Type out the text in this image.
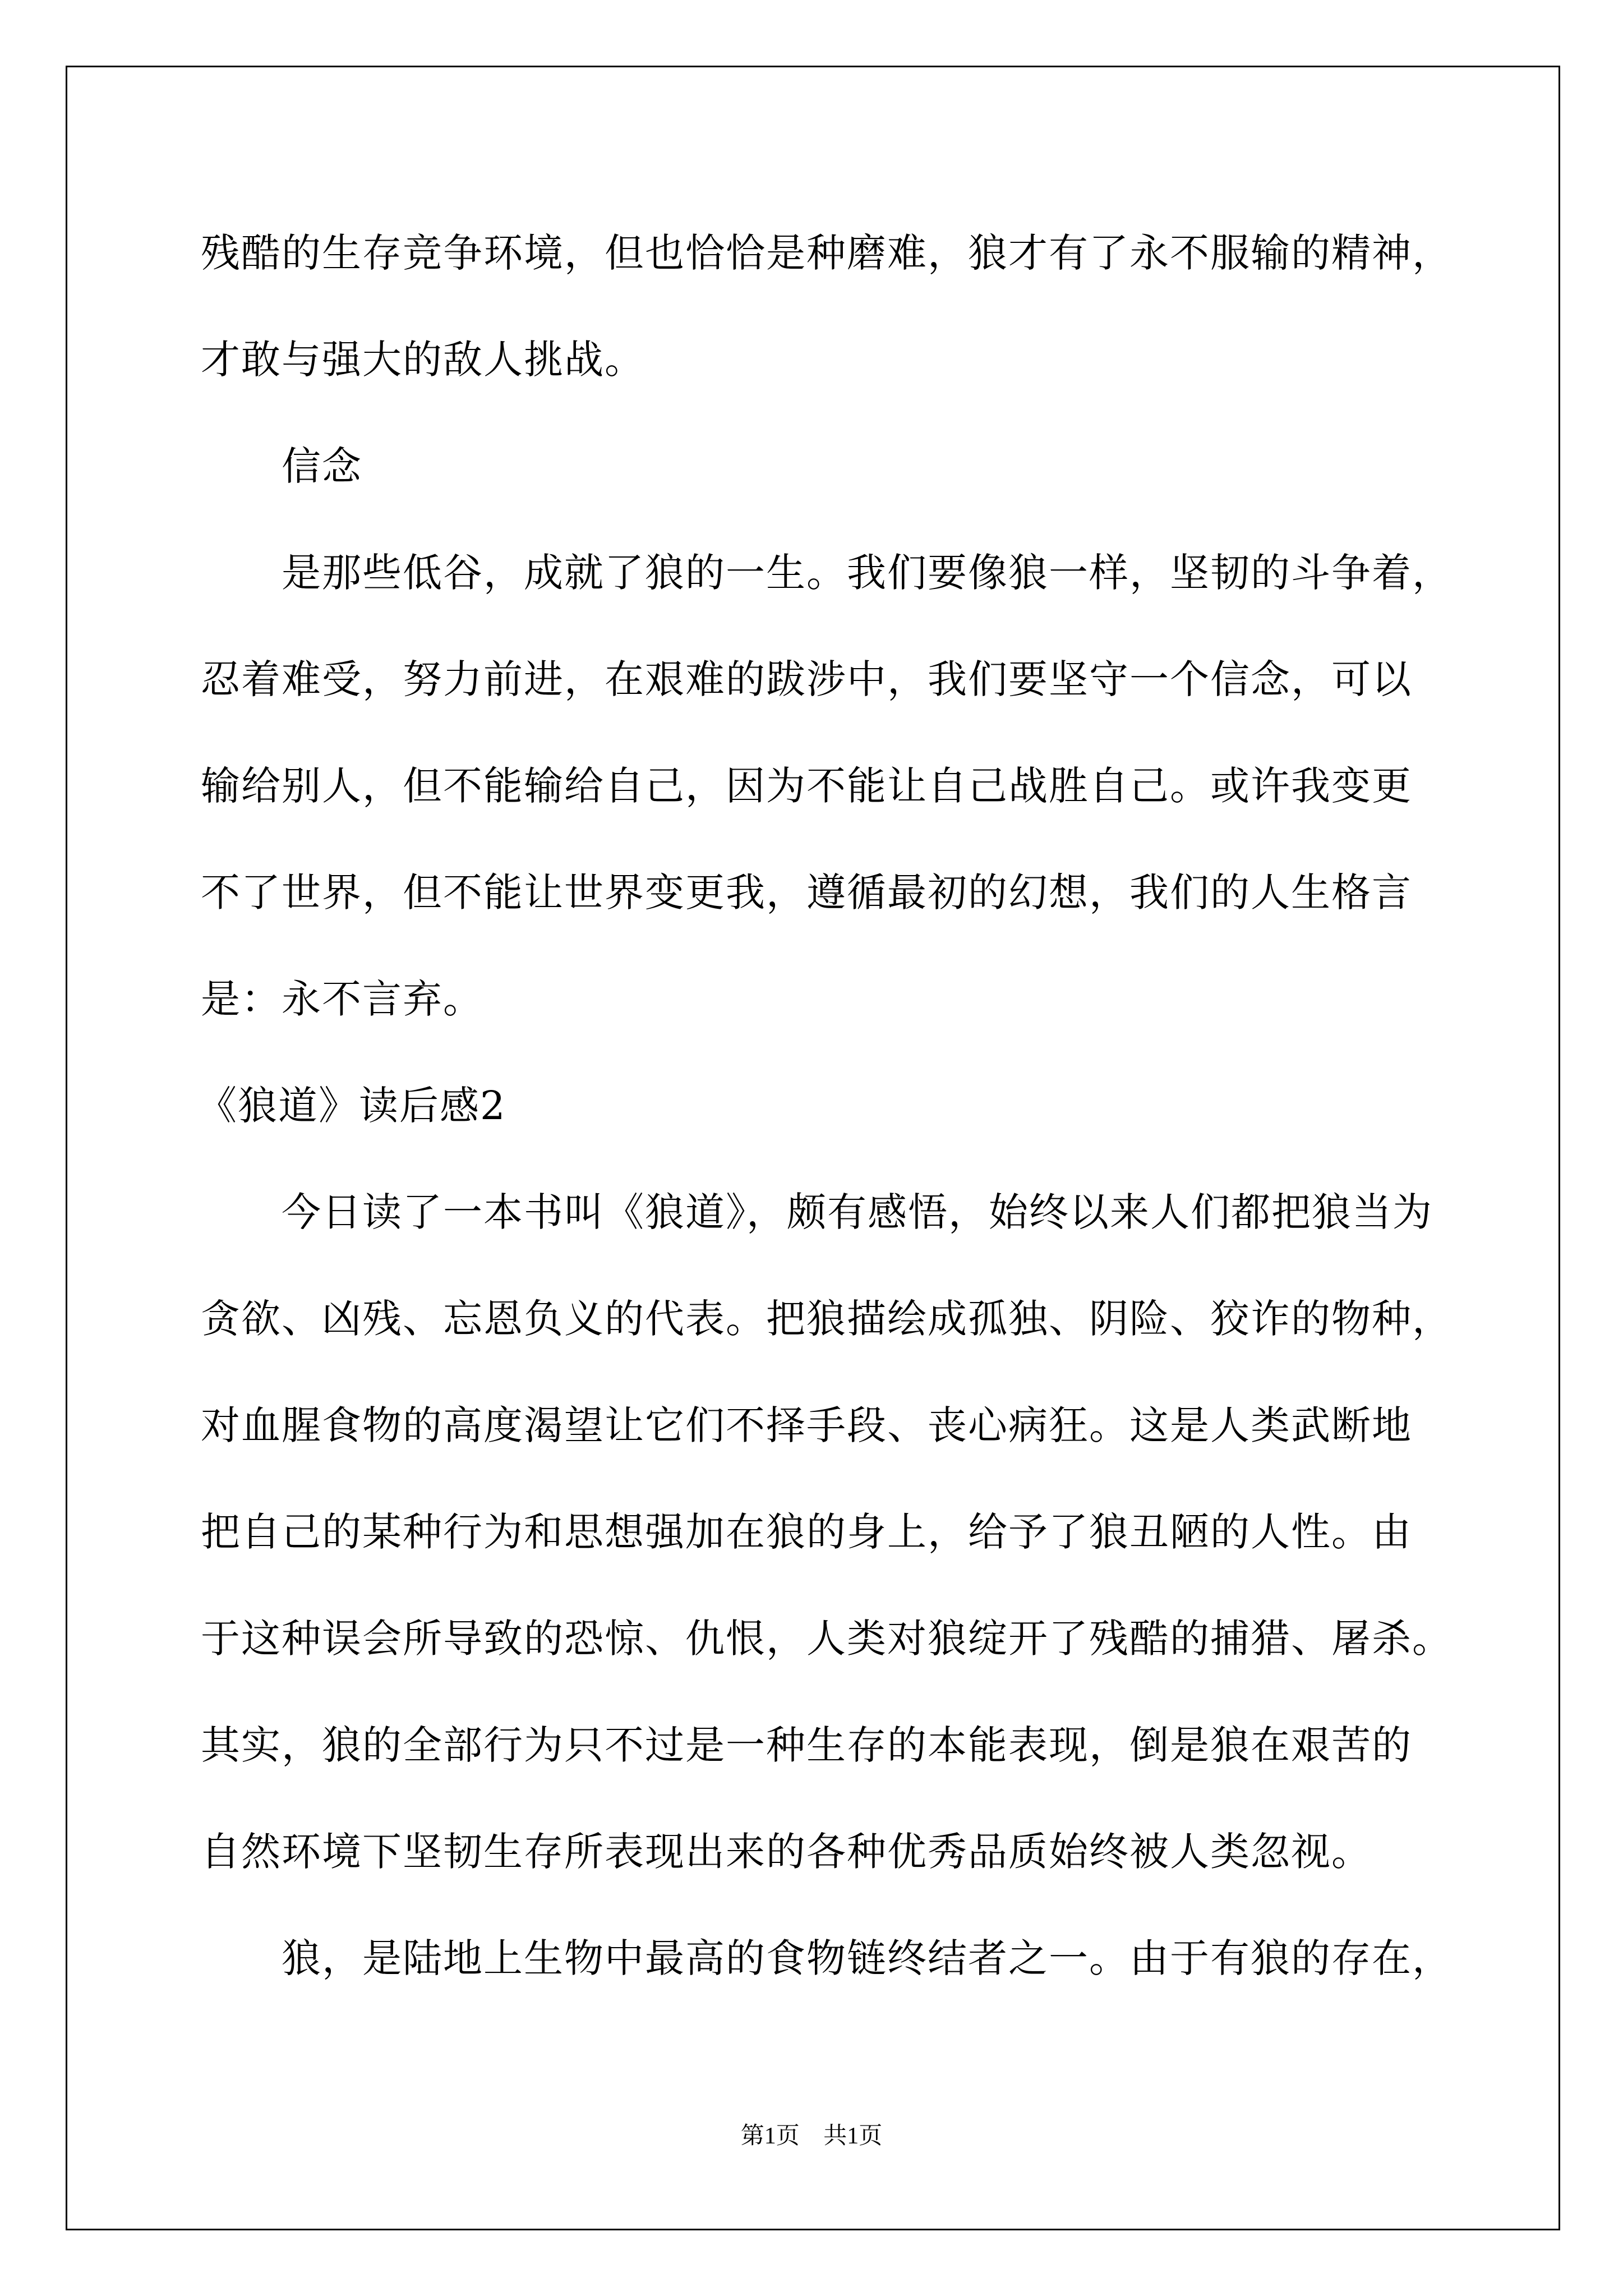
残酷的生存竞争环境，但也恰恰是种磨难，狼才有了永不服输的精神，
才敢与强大的敌人挑战。
信念
是那些低谷，成就了狼的一生。我们要像狼一样，坚韧的斗争着，
忍着难受，努力前进，在艰难的跋涉中，我们要坚守一个信念，可以
输给别人，但不能输给自己，因为不能让自己战胜自己。或许我变更
不了世界，但不能让世界变更我，遵循最初的幻想，我们的人生格言
是：永不言弃。
《狼道》读后感2
今日读了一本书叫《狼道》，颇有感悟，始终以来人们都把狼当为
贪欲、凶残、忘恩负义的代表。把狼描绘成孤独、阴险、狡诈的物种，
对血腥食物的高度渴望让它们不择手段、丧心病狂。这是人类武断地
把自己的某种行为和思想强加在狼的身上，给予了狼丑陋的人性。由
于这种误会所导致的恐惊、仇恨，人类对狼绽开了残酷的捕猎、屠杀。
其实，狼的全部行为只不过是一种生存的本能表现，倒是狼在艰苦的
自然环境下坚韧生存所表现出来的各种优秀品质始终被人类忽视。
狼，是陆地上生物中最高的食物链终结者之一。由于有狼的存在，
第1页 共1页
